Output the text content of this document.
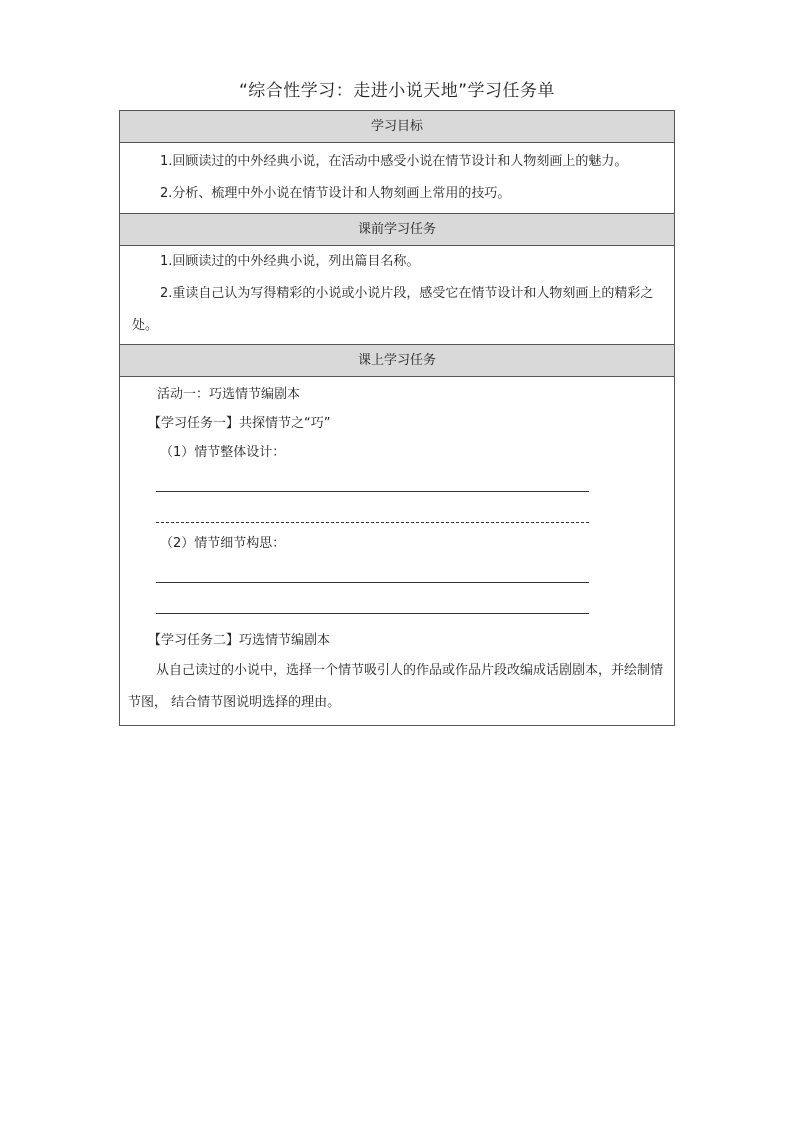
“综合性学习：走进小说天地”学习任务单
学习目标
1.回顾读过的中外经典小说，在活动中感受小说在情节设计和人物刻画上的魅力。
2.分析、梳理中外小说在情节设计和人物刻画上常用的技巧。
课前学习任务
1.回顾读过的中外经典小说，列出篇目名称。
2.重读自己认为写得精彩的小说或小说片段，感受它在情节设计和人物刻画上的精彩之处。
课上学习任务
活动一：巧选情节编剧本
【学习任务一】共探情节之“巧”
（1）情节整体设计：
（2）情节细节构思：
【学习任务二】巧选情节编剧本
从自己读过的小说中，选择一个情节吸引人的作品或作品片段改编成话剧剧本，并绘制情节图， 结合情节图说明选择的理由。
